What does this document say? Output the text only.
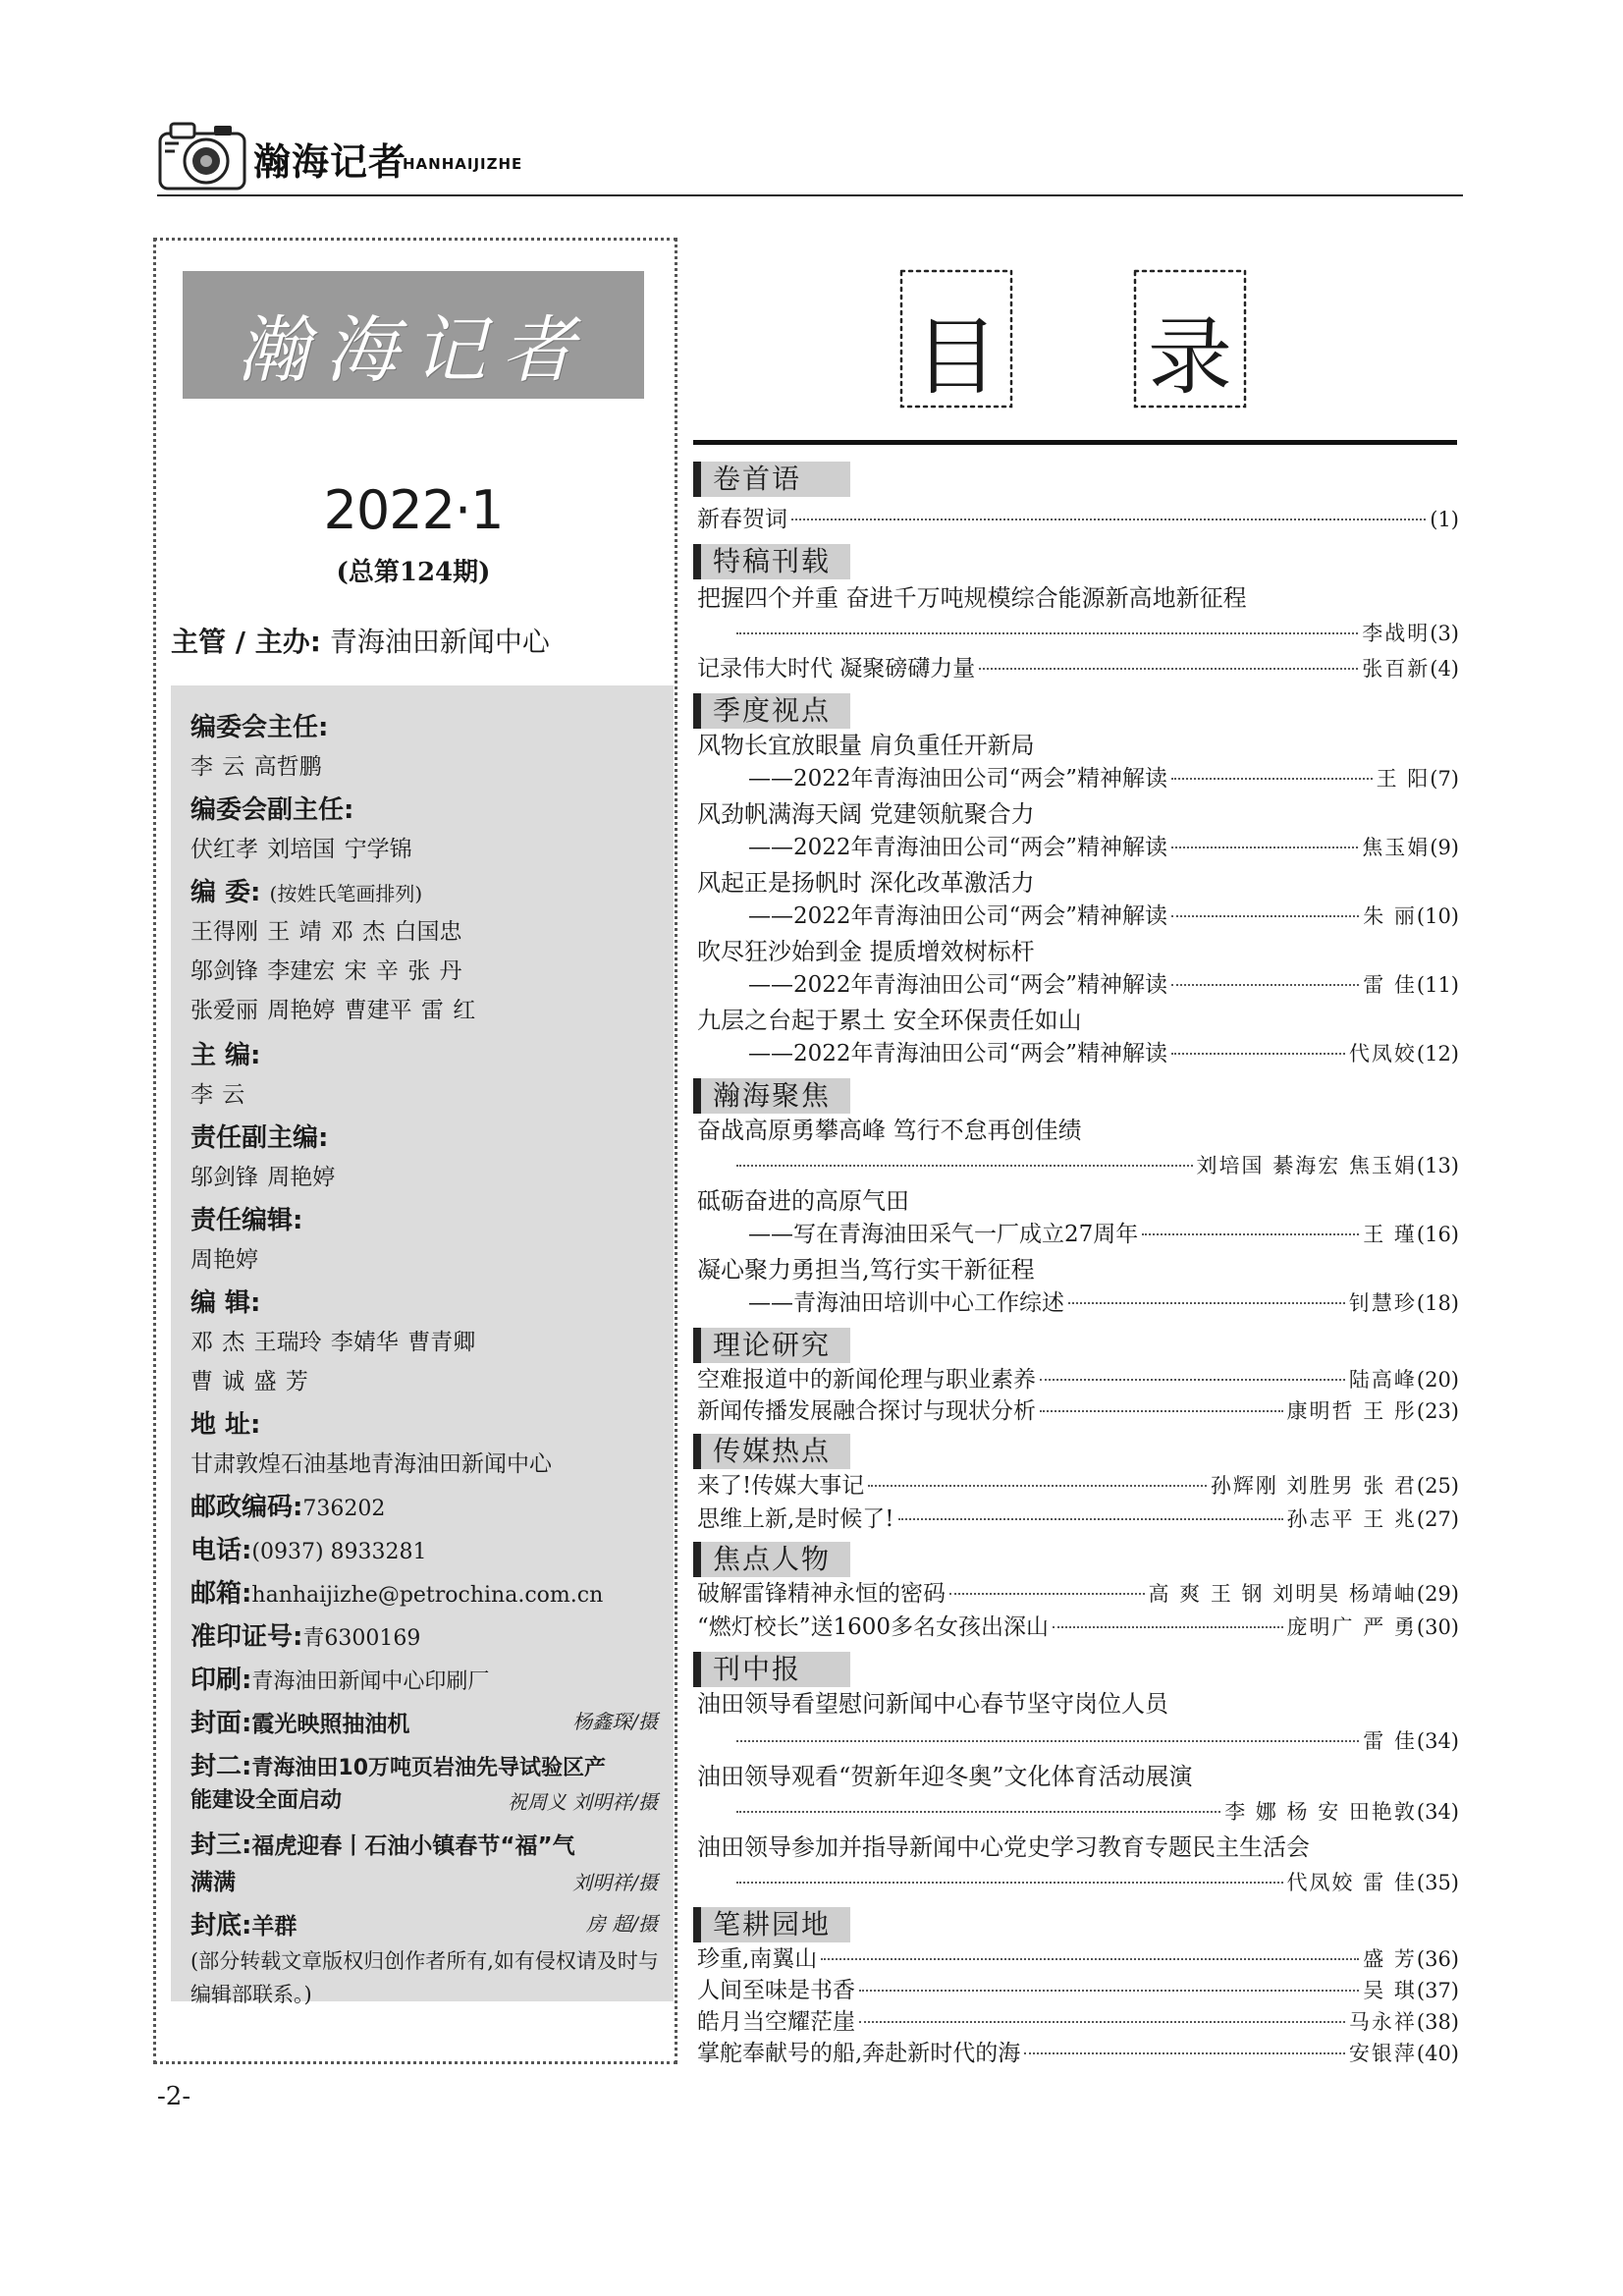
瀚海记者
HANHAIJIZHE
瀚海记者
2022·1
(总第124期)
主管 / 主办: 青海油田新闻中心
编委会主任:
李 云 高哲鹏
编委会副主任:
伏红孝 刘培国 宁学锦
编 委: (按姓氏笔画排列)
王得刚 王 靖 邓 杰 白国忠
邬剑锋 李建宏 宋 辛 张 丹
张爱丽 周艳婷 曹建平 雷 红
主 编:
李 云
责任副主编:
邬剑锋 周艳婷
责任编辑:
周艳婷
编 辑:
邓 杰 王瑞玲 李婧华 曹青卿
曹 诚 盛 芳
地 址:
甘肃敦煌石油基地青海油田新闻中心
邮政编码:736202
电话:(0937) 8933281
邮箱:hanhaijizhe@petrochina.com.cn
准印证号:青6300169
印刷:青海油田新闻中心印刷厂
封面:霞光映照抽油机	杨鑫琛/摄
封二:青海油田10万吨页岩油先导试验区产
能建设全面启动	祝周义 刘明祥/摄
封三:福虎迎春丨石油小镇春节“福”气
满满	刘明祥/摄
封底:羊群	房 超/摄
(部分转载文章版权归创作者所有,如有侵权请及时与编辑部联系。)
目 录
卷首语
新春贺词	(1)
特稿刊载
把握四个并重 奋进千万吨规模综合能源新高地新征程
李战明 (3)
记录伟大时代 凝聚磅礴力量	张百新 (4)
季度视点
风物长宜放眼量 肩负重任开新局
——2022年青海油田公司“两会”精神解读	王 阳 (7)
风劲帆满海天阔 党建领航聚合力
——2022年青海油田公司“两会”精神解读	焦玉娟 (9)
风起正是扬帆时 深化改革激活力
——2022年青海油田公司“两会”精神解读	朱 丽 (10)
吹尽狂沙始到金 提质增效树标杆
——2022年青海油田公司“两会”精神解读	雷 佳 (11)
九层之台起于累土 安全环保责任如山
——2022年青海油田公司“两会”精神解读	代凤姣 (12)
瀚海聚焦
奋战高原勇攀高峰 笃行不怠再创佳绩
刘培国 綦海宏 焦玉娟 (13)
砥砺奋进的高原气田
——写在青海油田采气一厂成立27周年	王 瑾 (16)
凝心聚力勇担当,笃行实干新征程
——青海油田培训中心工作综述	钊慧珍 (18)
理论研究
空难报道中的新闻伦理与职业素养	陆高峰 (20)
新闻传播发展融合探讨与现状分析	康明哲 王 彤 (23)
传媒热点
来了!传媒大事记	孙辉刚 刘胜男 张 君 (25)
思维上新,是时候了!	孙志平 王 兆 (27)
焦点人物
破解雷锋精神永恒的密码	高 爽 王 钢 刘明昊 杨靖岫 (29)
“燃灯校长”送1600多名女孩出深山	庞明广 严 勇 (30)
刊中报
油田领导看望慰问新闻中心春节坚守岗位人员
雷 佳 (34)
油田领导观看“贺新年迎冬奥”文化体育活动展演
李 娜 杨 安 田艳敦 (34)
油田领导参加并指导新闻中心党史学习教育专题民主生活会
代凤姣 雷 佳 (35)
笔耕园地
珍重,南翼山	盛 芳 (36)
人间至味是书香	吴 琪 (37)
皓月当空耀茫崖	马永祥 (38)
掌舵奉献号的船,奔赴新时代的海	安银萍 (40)
-2-
